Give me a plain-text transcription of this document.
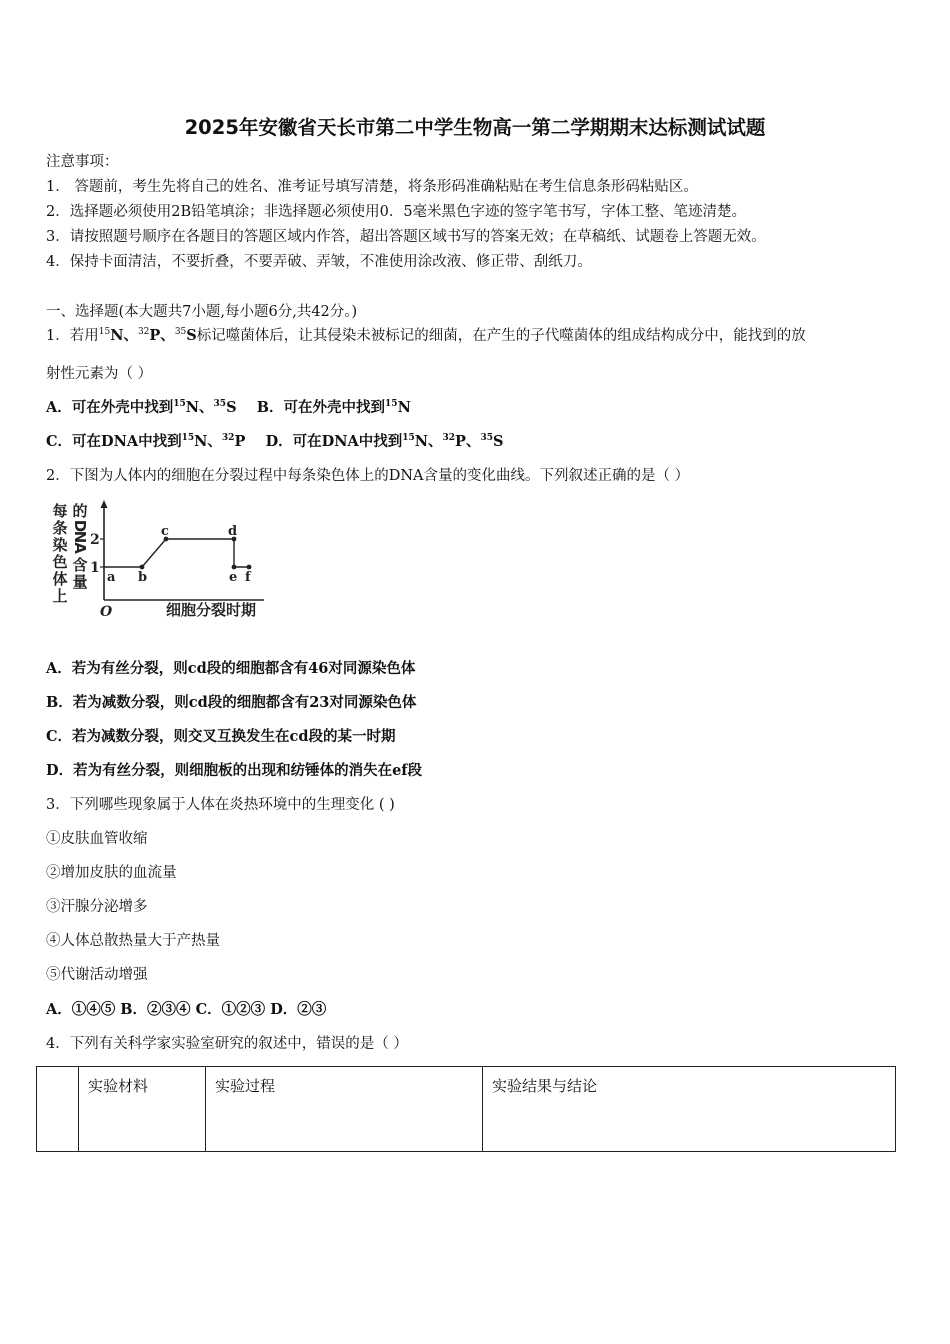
2025年安徽省天长市第二中学生物高一第二学期期末达标测试试题
注意事项：
1． 答题前，考生先将自己的姓名、准考证号填写清楚，将条形码准确粘贴在考生信息条形码粘贴区。
2．选择题必须使用2B铅笔填涂；非选择题必须使用0．5毫米黑色字迹的签字笔书写，字体工整、笔迹清楚。
3．请按照题号顺序在各题目的答题区域内作答，超出答题区域书写的答案无效；在草稿纸、试题卷上答题无效。
4．保持卡面清洁，不要折叠，不要弄破、弄皱，不准使用涂改液、修正带、刮纸刀。
一、选择题(本大题共7小题,每小题6分,共42分。)
1．若用$^{15}$N、$^{32}$P、$^{35}$S标记噬菌体后，让其侵染未被标记的细菌，在产生的子代噬菌体的组成结构成分中，能找到的放
射性元素为（ ）
A．可在外壳中找到$^{15}$N、$^{35}$S B．可在外壳中找到$^{15}$N
C．可在DNA中找到$^{15}$N、$^{32}$P D．可在DNA中找到$^{15}$N、$^{32}$P、$^{35}$S
2．下图为人体内的细胞在分裂过程中每条染色体上的DNA含量的变化曲线。下列叙述正确的是（ ）
每
条
染
色
体
上
的
D
N
A
含
量
2
1
O	细胞分裂时期
a b
c	d
e f
A．若为有丝分裂，则cd段的细胞都含有46对同源染色体
B．若为减数分裂，则cd段的细胞都含有23对同源染色体
C．若为减数分裂，则交叉互换发生在cd段的某一时期
D．若为有丝分裂，则细胞板的出现和纺锤体的消失在ef段
3．下列哪些现象属于人体在炎热环境中的生理变化 ( )
①皮肤血管收缩
②增加皮肤的血流量
③汗腺分泌增多
④人体总散热量大于产热量
⑤代谢活动增强
A．①④⑤ B．②③④ C．①②③ D．②③
4．下列有关科学家实验室研究的叙述中，错误的是（ ）
	实验材料	实验过程	实验结果与结论
